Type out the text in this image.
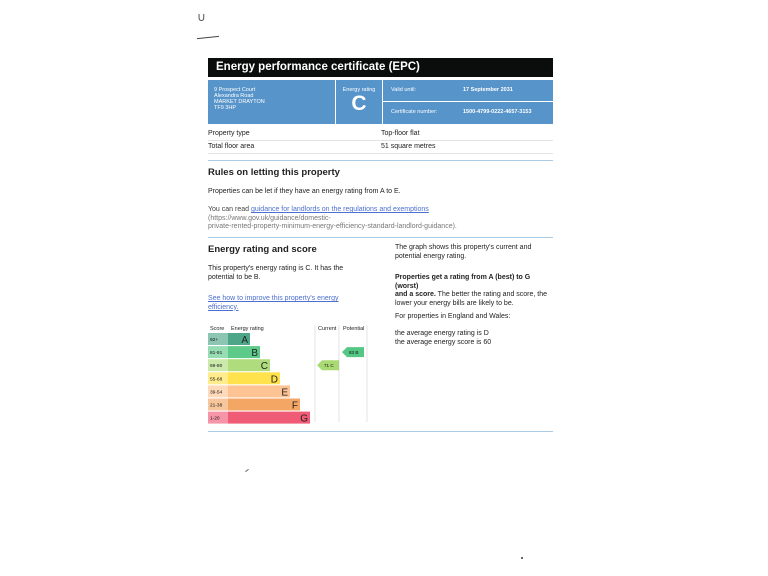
∪
Energy performance certificate (EPC)
9 Prospect Court
Alexandra Road
MARKET DRAYTON
TF9 3HP
Energy rating
C
Valid until:	17 September 2031
Certificate number:	1500-4799-0222-4657-3153
Property type	Top-floor flat
Total floor area	51 square metres
Rules on letting this property
Properties can be let if they have an energy rating from A to E.
You can read guidance for landlords on the regulations and exemptions (https://www.gov.uk/guidance/domestic-
private-rented-property-minimum-energy-efficiency-standard-landlord-guidance).
Energy rating and score
This property's energy rating is C. It has the
potential to be B.
See how to improve this property's energy
efficiency.
The graph shows this property's current and
potential energy rating.
Properties get a rating from A (best) to G (worst)
and a score. The better the rating and score, the
lower your energy bills are likely to be.
For properties in England and Wales:
the average energy rating is D
the average energy score is 60
Score Energy rating	Current Potential
92+ A
81-91	B
69-80	C
55-68	D
39-54	E
21-38	F
1-20	G
71 C
83 B
